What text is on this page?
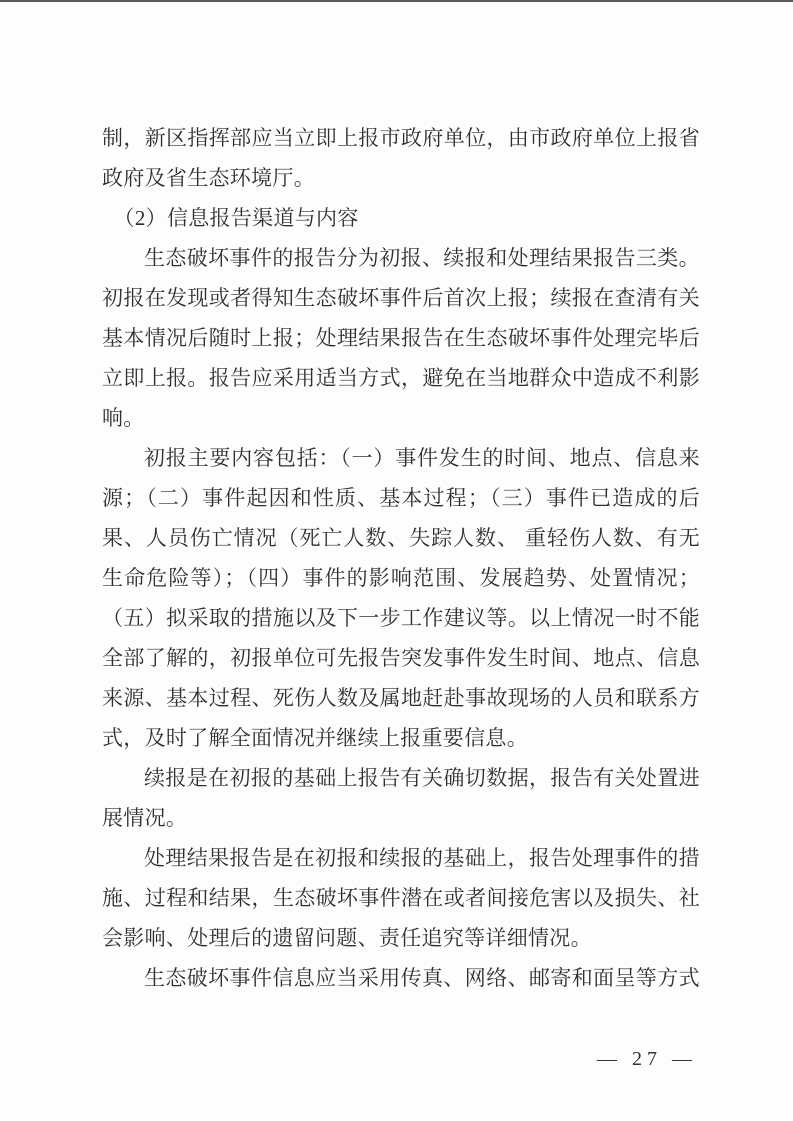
制，新区指挥部应当立即上报市政府单位，由市政府单位上报省
政府及省生态环境厅。
（2）信息报告渠道与内容
生态破坏事件的报告分为初报、续报和处理结果报告三类。
初报在发现或者得知生态破坏事件后首次上报；续报在查清有关
基本情况后随时上报；处理结果报告在生态破坏事件处理完毕后
立即上报。报告应采用适当方式，避免在当地群众中造成不利影
响。
初报主要内容包括：（一）事件发生的时间、地点、信息来
源；（二）事件起因和性质、基本过程；（三）事件已造成的后
果、人员伤亡情况（死亡人数、失踪人数、 重轻伤人数、有无
生命危险等）；（四）事件的影响范围、发展趋势、处置情况；
（五）拟采取的措施以及下一步工作建议等。以上情况一时不能
全部了解的，初报单位可先报告突发事件发生时间、地点、信息
来源、基本过程、死伤人数及属地赶赴事故现场的人员和联系方
式，及时了解全面情况并继续上报重要信息。
续报是在初报的基础上报告有关确切数据，报告有关处置进
展情况。
处理结果报告是在初报和续报的基础上，报告处理事件的措
施、过程和结果，生态破坏事件潜在或者间接危害以及损失、社
会影响、处理后的遗留问题、责任追究等详细情况。
生态破坏事件信息应当采用传真、网络、邮寄和面呈等方式
— 27 —
